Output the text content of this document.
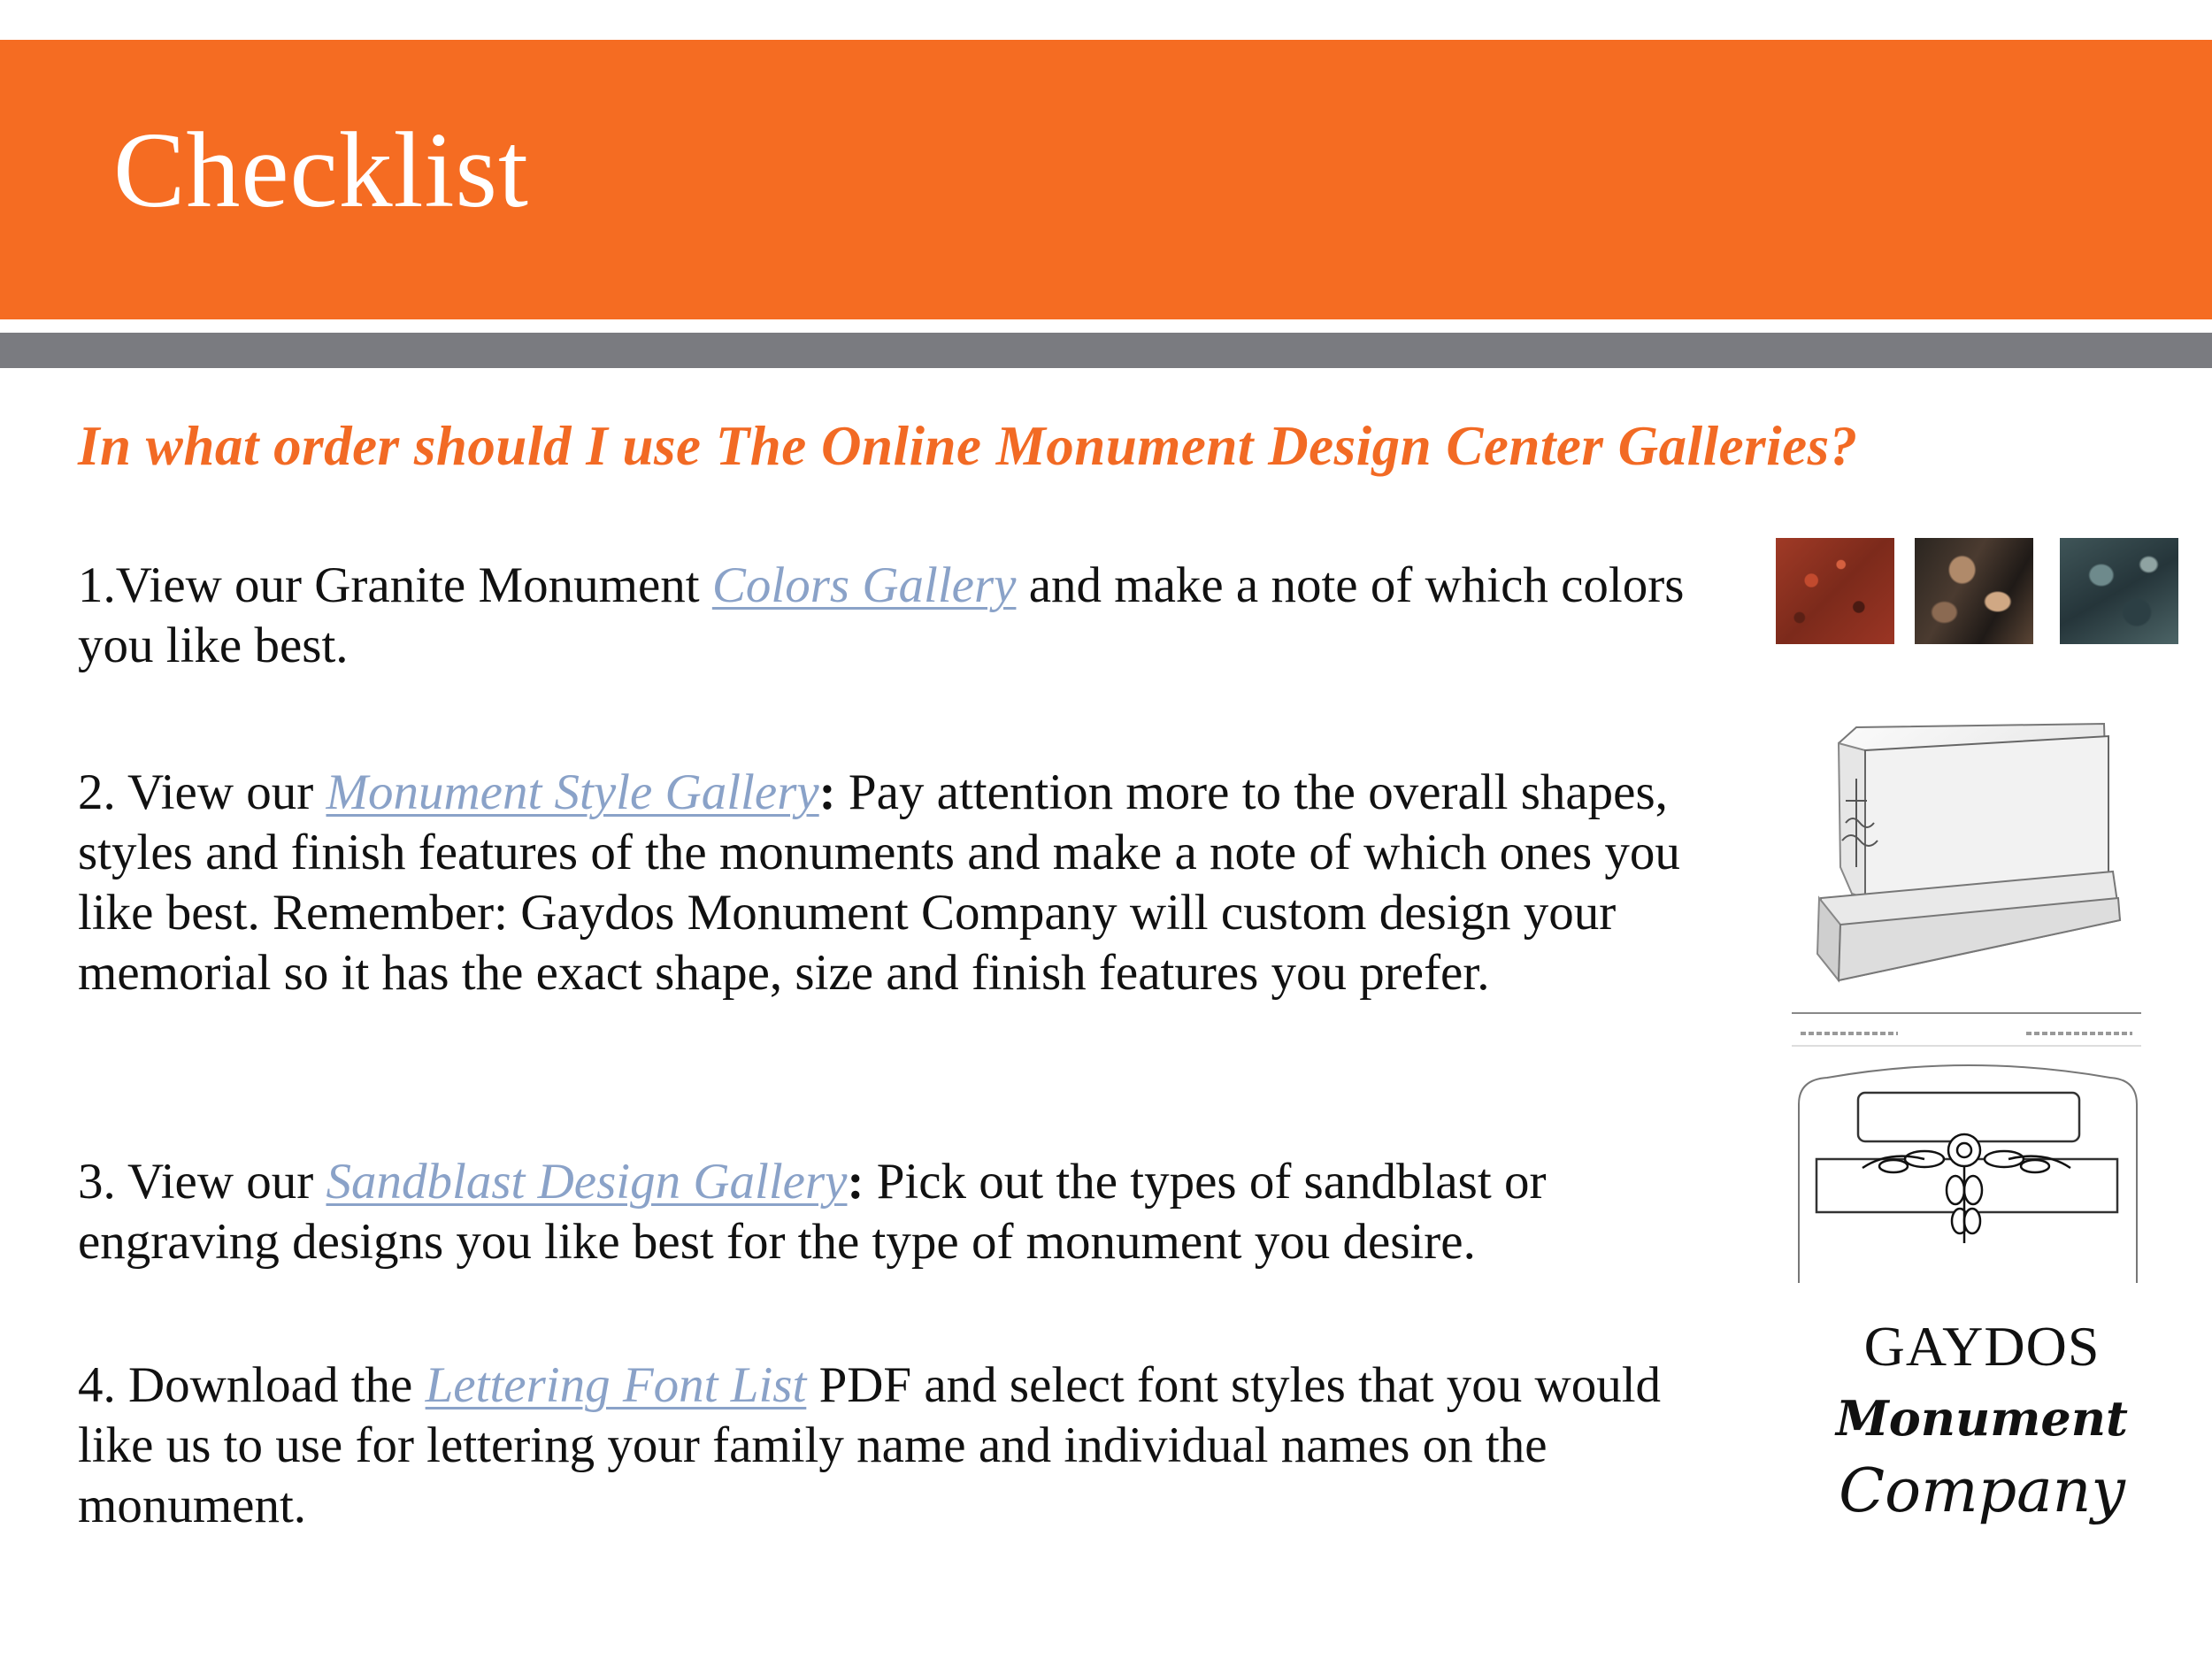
Checklist
In what order should I use The Online Monument Design Center Galleries?
1.View our Granite Monument Colors Gallery and make a note of which colors you like best.
2. View our Monument Style Gallery: Pay attention more to the overall shapes, styles and finish features of the monuments and make a note of which ones you like best. Remember: Gaydos Monument Company will custom design your memorial so it has the exact shape, size and finish features you prefer.
3. View our Sandblast Design Gallery: Pick out the types of sandblast or engraving designs you like best for the type of monument you desire.
4. Download the Lettering Font List PDF and select font styles that you would like us to use for lettering your family name and individual names on the monument.
GAYDOS
Monument
Company
